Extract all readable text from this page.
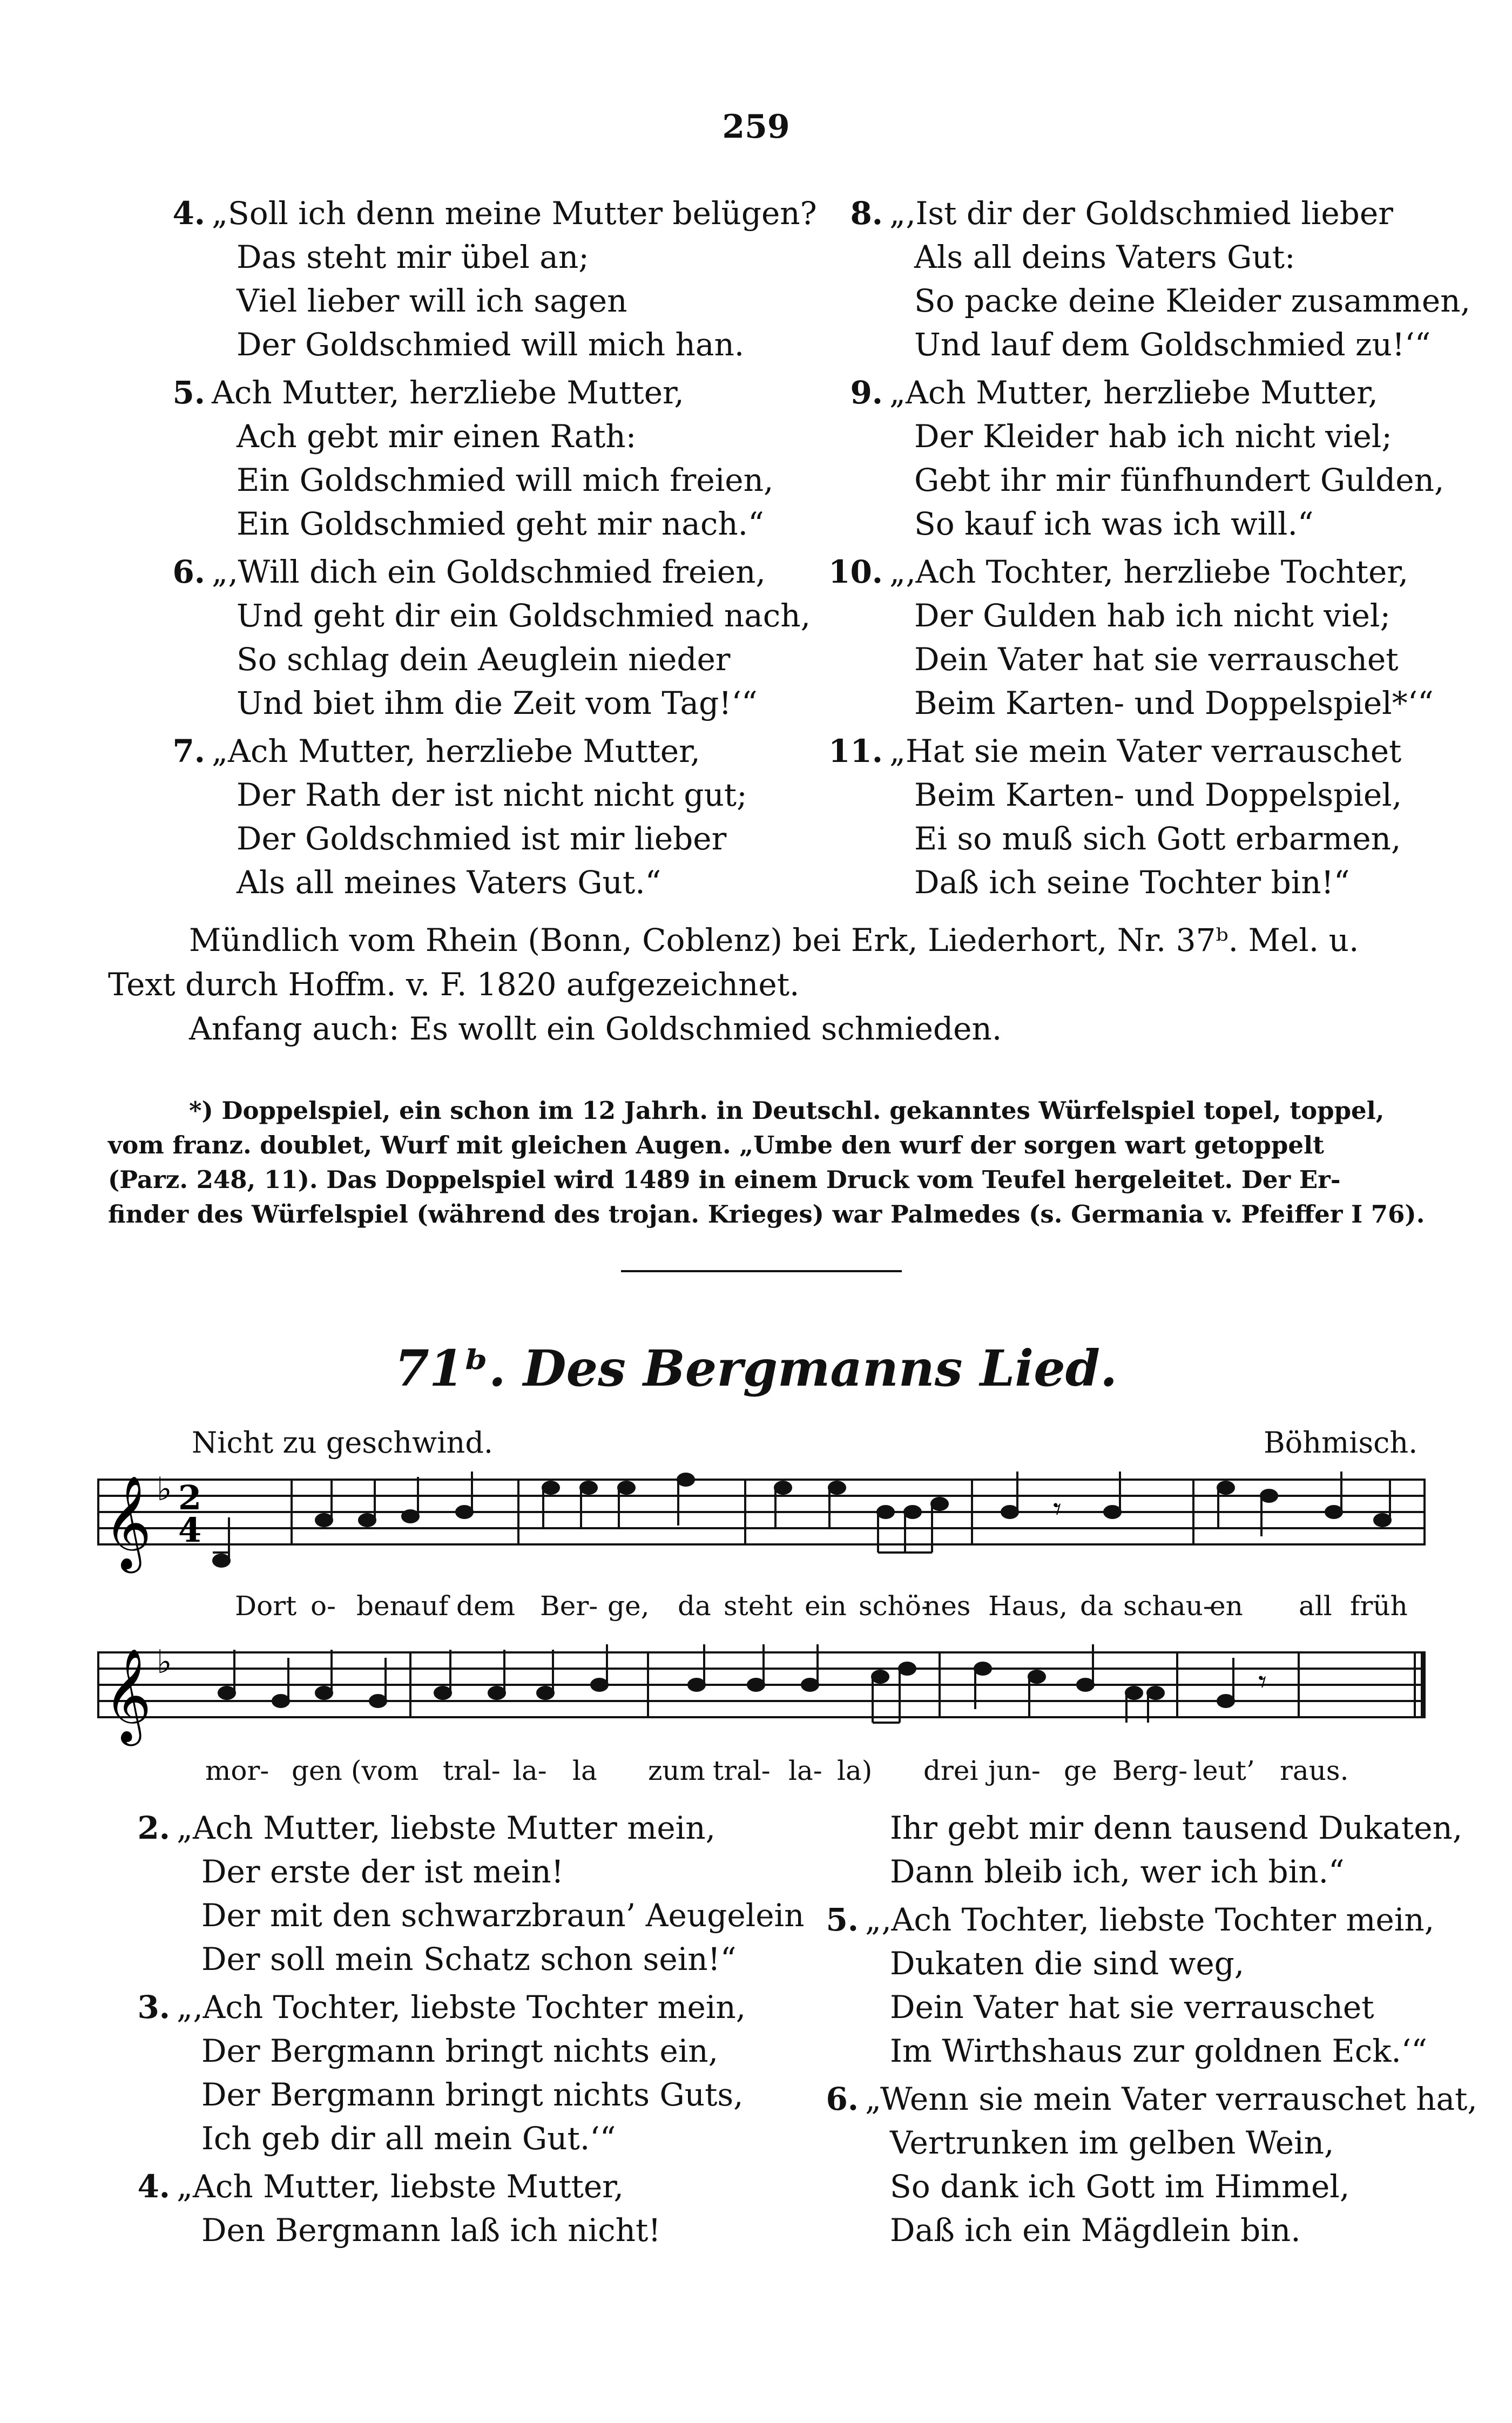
259
4. „Soll ich denn meine Mutter belügen?
Das steht mir übel an;
Viel lieber will ich sagen
Der Goldschmied will mich han.
5. Ach Mutter, herzliebe Mutter,
Ach gebt mir einen Rath:
Ein Goldschmied will mich freien,
Ein Goldschmied geht mir nach.“
6. „‚Will dich ein Goldschmied freien,
Und geht dir ein Goldschmied nach,
So schlag dein Aeuglein nieder
Und biet ihm die Zeit vom Tag!‘“
7. „Ach Mutter, herzliebe Mutter,
Der Rath der ist nicht nicht gut;
Der Goldschmied ist mir lieber
Als all meines Vaters Gut.“
8. „‚Ist dir der Goldschmied lieber
Als all deins Vaters Gut:
So packe deine Kleider zusammen,
Und lauf dem Goldschmied zu!‘“
9. „Ach Mutter, herzliebe Mutter,
Der Kleider hab ich nicht viel;
Gebt ihr mir fünfhundert Gulden,
So kauf ich was ich will.“
10. „‚Ach Tochter, herzliebe Tochter,
Der Gulden hab ich nicht viel;
Dein Vater hat sie verrauschet
Beim Karten- und Doppelspiel*‘“
11. „Hat sie mein Vater verrauschet
Beim Karten- und Doppelspiel,
Ei so muß sich Gott erbarmen,
Daß ich seine Tochter bin!“

Mündlich vom Rhein (Bonn, Coblenz) bei Erk, Liederhort, Nr. 37ᵇ. Mel. u.

Text durch Hoffm. v. F. 1820 aufgezeichnet.

Anfang auch: Es wollt ein Goldschmied schmieden.

*) Doppelspiel, ein schon im 12 Jahrh. in Deutschl. gekanntes Würfelspiel topel, toppel,

vom franz. doublet, Wurf mit gleichen Augen. „Umbe den wurf der sorgen wart getoppelt

(Parz. 248, 11). Das Doppelspiel wird 1489 in einem Druck vom Teufel hergeleitet. Der Er-

finder des Würfelspiel (während des trojan. Krieges) war Palmedes (s. Germania v. Pfeiffer I 76).

71ᵇ. Des Bergmanns Lied.
Nicht zu geschwind.	Böhmisch.
𝄞 ♭ 2
4
𝄾
Dort o- ben
auf dem Ber- ge, da steht ein schö-
nes Haus, da schau-
en all früh
𝄞 ♭
𝄾
mor- gen (vom tral- la- la zum tral- la- la) drei jun- ge Berg- leut’ raus.
2. „Ach Mutter, liebste Mutter mein,
Der erste der ist mein!
Der mit den schwarzbraun’ Aeugelein
Der soll mein Schatz schon sein!“
3. „‚Ach Tochter, liebste Tochter mein,
Der Bergmann bringt nichts ein,
Der Bergmann bringt nichts Guts,
Ich geb dir all mein Gut.‘“
4. „Ach Mutter, liebste Mutter,
Den Bergmann laß ich nicht!
Ihr gebt mir denn tausend Dukaten,
Dann bleib ich, wer ich bin.“
5. „‚Ach Tochter, liebste Tochter mein,
Dukaten die sind weg,
Dein Vater hat sie verrauschet
Im Wirthshaus zur goldnen Eck.‘“
6. „Wenn sie mein Vater verrauschet hat,
Vertrunken im gelben Wein,
So dank ich Gott im Himmel,
Daß ich ein Mägdlein bin.
